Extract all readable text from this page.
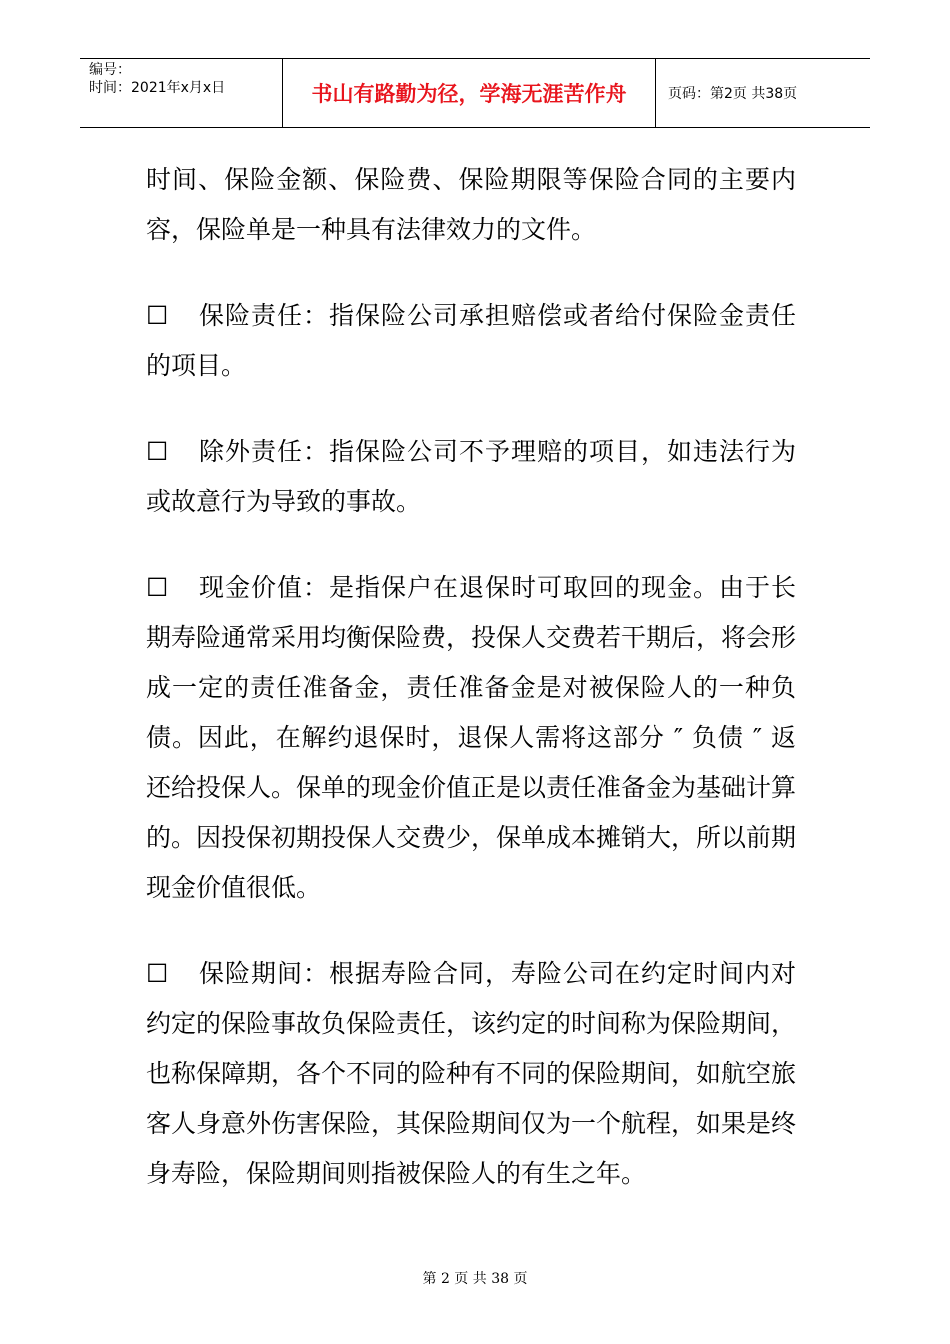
编号：
时间：2021年x月x日	书山有路勤为径，学海无涯苦作舟	页码：第2页 共38页

时间、保险金额、保险费、保险期限等保险合同的主要内容，保险单是一种具有法律效力的文件。

☐ 保险责任：指保险公司承担赔偿或者给付保险金责任的项目。

☐ 除外责任：指保险公司不予理赔的项目，如违法行为或故意行为导致的事故。

☐ 现金价值：是指保户在退保时可取回的现金。由于长期寿险通常采用均衡保险费，投保人交费若干期后，将会形成一定的责任准备金，责任准备金是对被保险人的一种负债。因此，在解约退保时，退保人需将这部分 ″ 负债 ″ 返还给投保人。保单的现金价值正是以责任准备金为基础计算的。因投保初期投保人交费少，保单成本摊销大，所以前期现金价值很低。

☐ 保险期间：根据寿险合同，寿险公司在约定时间内对约定的保险事故负保险责任，该约定的时间称为保险期间，也称保障期，各个不同的险种有不同的保险期间，如航空旅客人身意外伤害保险，其保险期间仅为一个航程，如果是终身寿险，保险期间则指被保险人的有生之年。

第 2 页 共 38 页
